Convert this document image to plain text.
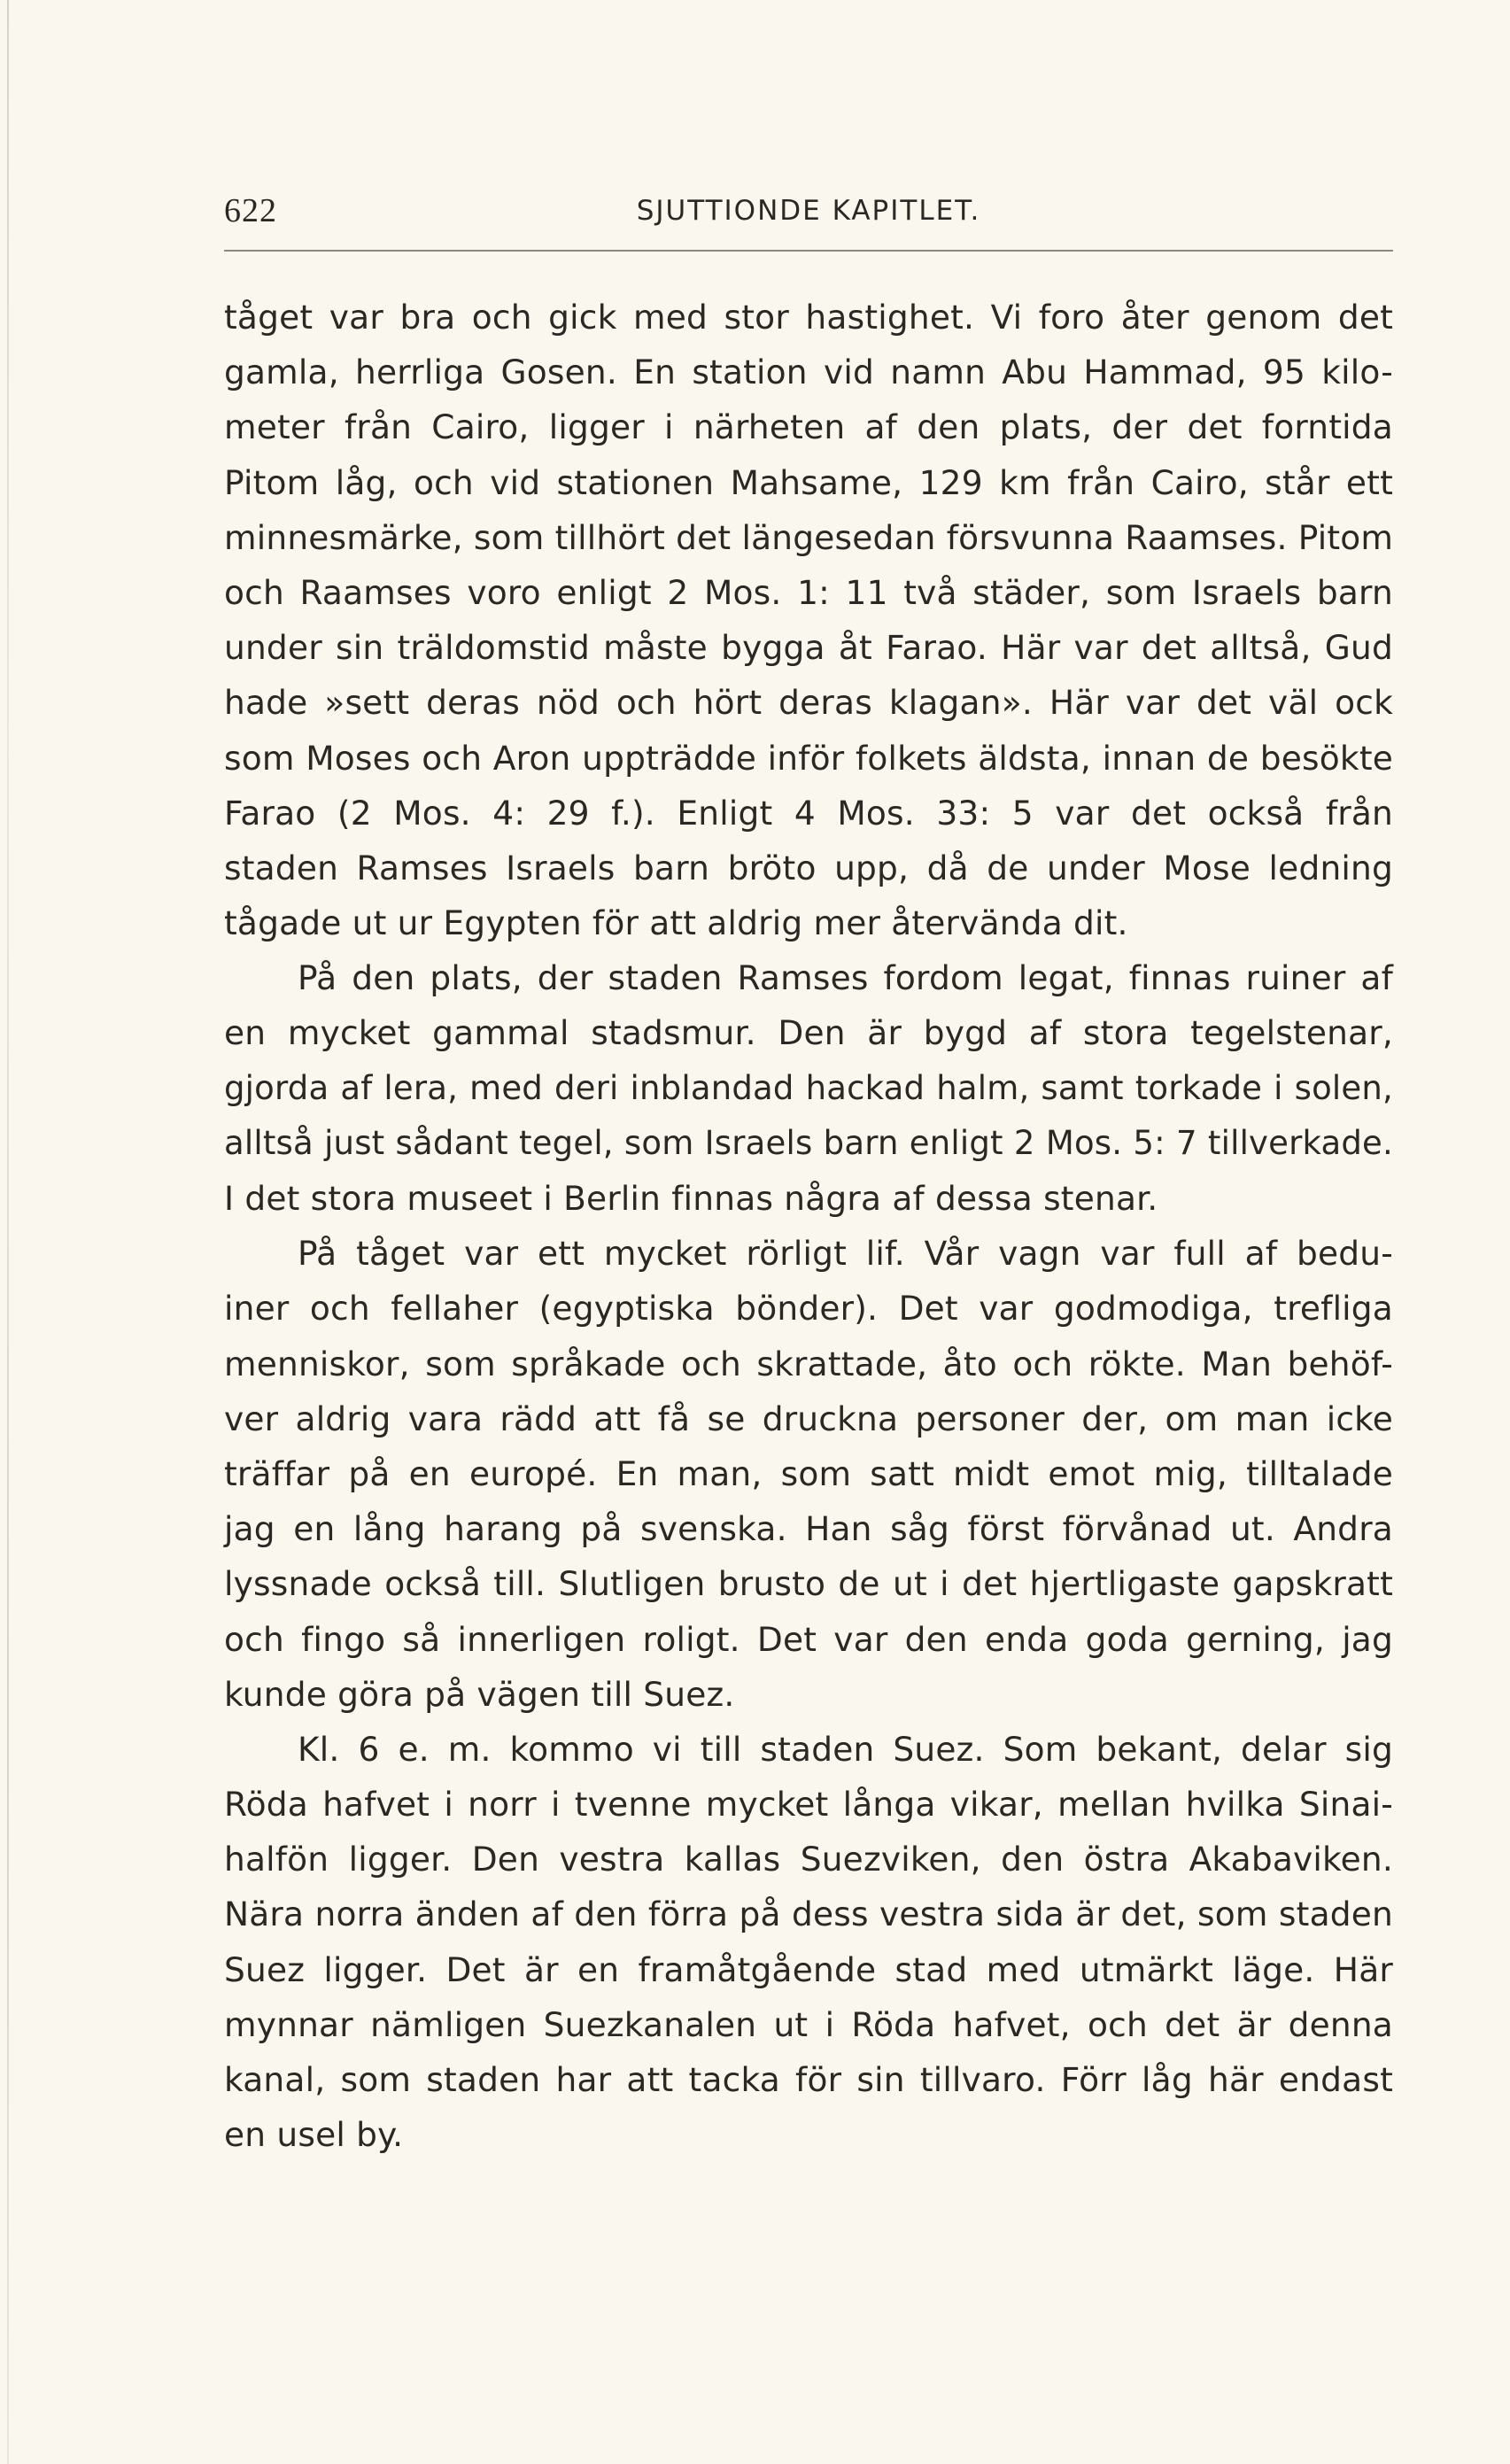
622	SJUTTIONDE KAPITLET.
tåget var bra och gick med stor hastighet. Vi foro åter genom det
gamla, herrliga Gosen. En station vid namn Abu Hammad, 95 kilo-
meter från Cairo, ligger i närheten af den plats, der det forntida
Pitom låg, och vid stationen Mahsame, 129 km från Cairo, står ett
minnesmärke, som tillhört det längesedan försvunna Raamses. Pitom
och Raamses voro enligt 2 Mos. 1: 11 två städer, som Israels barn
under sin träldomstid måste bygga åt Farao. Här var det alltså, Gud
hade »sett deras nöd och hört deras klagan». Här var det väl ock
som Moses och Aron uppträdde inför folkets äldsta, innan de besökte
Farao (2 Mos. 4: 29 f.). Enligt 4 Mos. 33: 5 var det också från
staden Ramses Israels barn bröto upp, då de under Mose ledning
tågade ut ur Egypten för att aldrig mer återvända dit.
På den plats, der staden Ramses fordom legat, finnas ruiner af
en mycket gammal stadsmur. Den är bygd af stora tegelstenar,
gjorda af lera, med deri inblandad hackad halm, samt torkade i solen,
alltså just sådant tegel, som Israels barn enligt 2 Mos. 5: 7 tillverkade.
I det stora museet i Berlin finnas några af dessa stenar.
På tåget var ett mycket rörligt lif. Vår vagn var full af bedu-
iner och fellaher (egyptiska bönder). Det var godmodiga, trefliga
menniskor, som språkade och skrattade, åto och rökte. Man behöf-
ver aldrig vara rädd att få se druckna personer der, om man icke
träffar på en europé. En man, som satt midt emot mig, tilltalade
jag en lång harang på svenska. Han såg först förvånad ut. Andra
lyssnade också till. Slutligen brusto de ut i det hjertligaste gapskratt
och fingo så innerligen roligt. Det var den enda goda gerning, jag
kunde göra på vägen till Suez.
Kl. 6 e. m. kommo vi till staden Suez. Som bekant, delar sig
Röda hafvet i norr i tvenne mycket långa vikar, mellan hvilka Sinai-
halfön ligger. Den vestra kallas Suezviken, den östra Akabaviken.
Nära norra änden af den förra på dess vestra sida är det, som staden
Suez ligger. Det är en framåtgående stad med utmärkt läge. Här
mynnar nämligen Suezkanalen ut i Röda hafvet, och det är denna
kanal, som staden har att tacka för sin tillvaro. Förr låg här endast
en usel by.
